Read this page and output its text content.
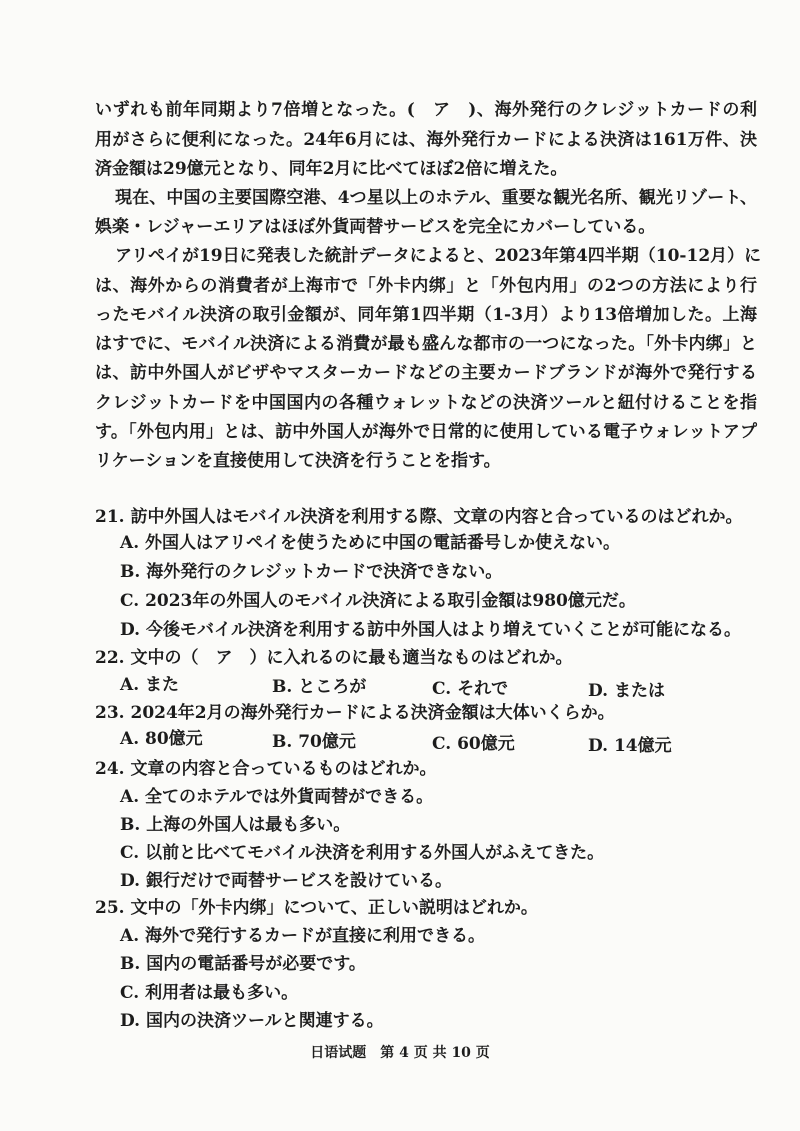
いずれも前年同期より7倍増となった。(　ア　)、海外発行のクレジットカードの利
用がさらに便利になった。24年6月には、海外発行カードによる決済は161万件、決
済金額は29億元となり、同年2月に比べてほぼ2倍に増えた。
現在、中国の主要国際空港、4つ星以上のホテル、重要な観光名所、観光リゾート、
娯楽・レジャーエリアはほぼ外貨両替サービスを完全にカバーしている。
アリペイが19日に発表した統計データによると、2023年第4四半期（10-12月）に
は、海外からの消費者が上海市で「外卡内绑」と「外包内用」の2つの方法により行
ったモバイル決済の取引金額が、同年第1四半期（1-3月）より13倍増加した。上海
はすでに、モバイル決済による消費が最も盛んな都市の一つになった。「外卡内绑」と
は、訪中外国人がビザやマスターカードなどの主要カードブランドが海外で発行する
クレジットカードを中国国内の各種ウォレットなどの決済ツールと紐付けることを指
す。「外包内用」とは、訪中外国人が海外で日常的に使用している電子ウォレットアプ
リケーションを直接使用して決済を行うことを指す。
21. 訪中外国人はモバイル決済を利用する際、文章の内容と合っているのはどれか。
A. 外国人はアリペイを使うために中国の電話番号しか使えない。
B. 海外発行のクレジットカードで決済できない。
C. 2023年の外国人のモバイル決済による取引金額は980億元だ。
D. 今後モバイル決済を利用する訪中外国人はより増えていくことが可能になる。
22. 文中の（　ア　）に入れるのに最も適当なものはどれか。
A. また	B. ところが	C. それで	D. または
23. 2024年2月の海外発行カードによる決済金額は大体いくらか。
A. 80億元	B. 70億元	C. 60億元	D. 14億元
24. 文章の内容と合っているものはどれか。
A. 全てのホテルでは外貨両替ができる。
B. 上海の外国人は最も多い。
C. 以前と比べてモバイル決済を利用する外国人がふえてきた。
D. 銀行だけで両替サービスを設けている。
25. 文中の「外卡内绑」について、正しい説明はどれか。
A. 海外で発行するカードが直接に利用できる。
B. 国内の電話番号が必要です。
C. 利用者は最も多い。
D. 国内の決済ツールと関連する。
日语试题　第 4 页 共 10 页
